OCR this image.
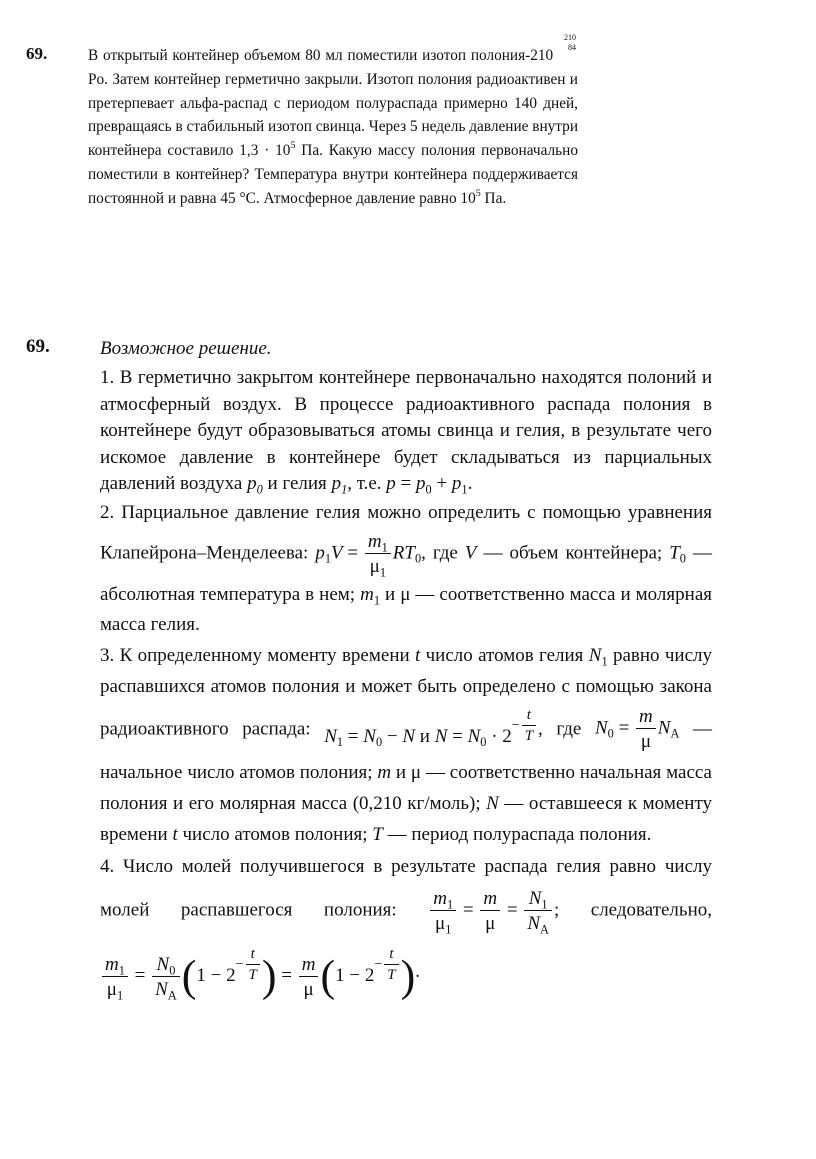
69.	В открытый контейнер объемом 80 мл поместили изотоп полония-210
210
84
Po. Затем контейнер герметично закрыли. Изотоп полония радиоактивен и претерпевает альфа-распад с периодом полураспада примерно 140 дней, превращаясь в стабильный изотоп свинца. Через 5 недель давление внутри контейнера составило $1,3 \cdot 10^5$ Па. Какую массу полония первоначально поместили в контейнер? Температура внутри контейнера поддерживается постоянной и равна 45 °С. Атмосферное давление равно $10^5$ Па.

69.	Возможное решение.

1. В герметично закрытом контейнере первоначально находятся полоний и атмосферный воздух. В процессе радиоактивного распада полония в контейнере будут образовываться атомы свинца и гелия, в результате чего искомое давление в контейнере будет складываться из парциальных давлений воздуха $p_0$ и гелия $p_1$, т.е. $p = p_0 + p_1$.

2. Парциальное давление гелия можно определить с помощью уравнения Клапейрона–Менделеева: $p_1V = \frac{m_1}{\mu_1} RT_0$, где V — объем контейнера; $T_0$ — абсолютная температура в нем; $m_1$ и μ — соответственно масса и молярная масса гелия.

3. К определенному моменту времени t число атомов гелия $N_1$ равно числу распавшихся атомов полония и может быть определено с помощью закона радиоактивного распада: $N_1 = N_0 - N$ и $N = N_0 \cdot 2- \frac{t}{T}$ , где $N_0 = \frac{m}{\mu} N_A$ — начальное число атомов полония; m и μ — соответственно начальная масса полония и его молярная масса (0,210 кг/моль); N — оставшееся к моменту времени t число атомов полония; T — период полураспада полония.

4. Число молей получившегося в результате распада гелия равно числу молей распавшегося полония: $\frac{m_1}{\mu_1} = \frac{m}{\mu} = \frac{N_1}{N_A}$ ; следовательно,
$\frac{m_1}{\mu_1} = \frac{N_0}{N_A} (1 - 2- \frac{t}{T}$ ) = $\frac{m}{\mu} (1 - 2- \frac{t}{T}$ ).
